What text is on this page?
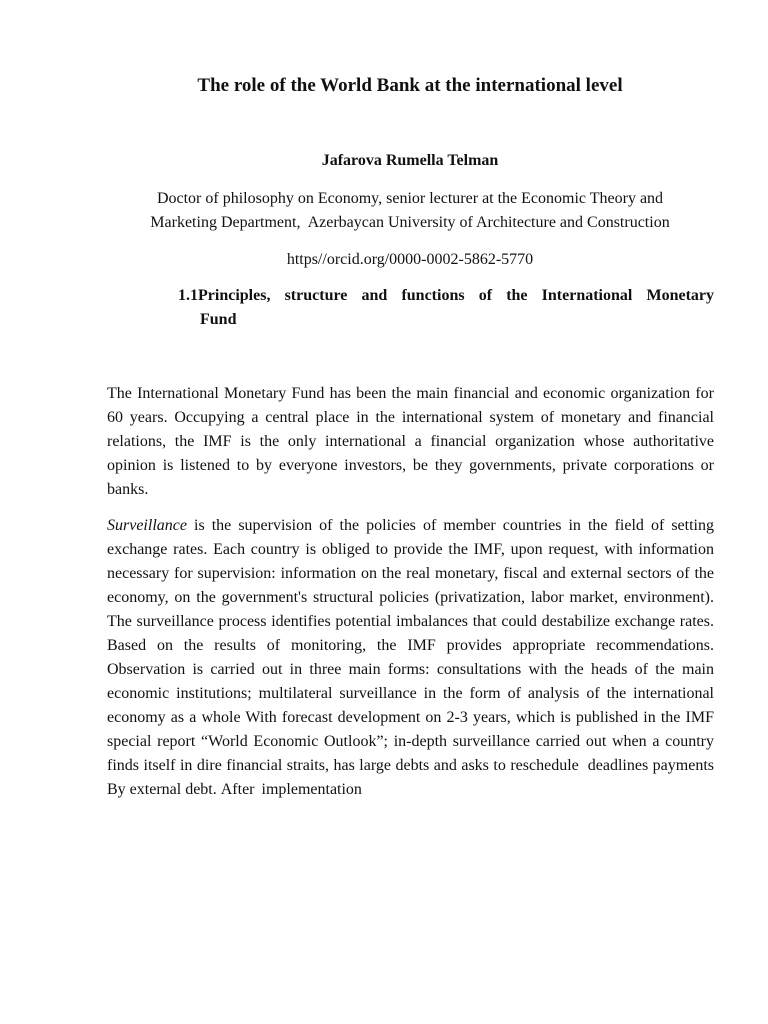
The role of the World Bank at the international level
Jafarova Rumella Telman
Doctor of philosophy on Economy, senior lecturer at the Economic Theory and
Marketing Department,  Azerbaycan University of Architecture and Construction
https//orcid.org/0000-0002-5862-5770
1.1Principles, structure and functions of the International Monetary
Fund
The International Monetary Fund has been the main financial and economic organization for 60 years. Occupying a central place in the international system of monetary and financial relations, the IMF is the only international a financial organization whose authoritative opinion is listened to by everyone investors, be they governments, private corporations or banks.
Surveillance is the supervision of the policies of member countries in the field of setting exchange rates. Each country is obliged to provide the IMF, upon request, with information necessary for supervision: information on the real monetary, fiscal and external sectors of the economy, on the government's structural policies (privatization, labor market, environment). The surveillance process identifies potential imbalances that could destabilize exchange rates. Based on the results of monitoring, the IMF provides appropriate recommendations. Observation is carried out in three main forms: consultations with the heads of the main economic institutions; multilateral surveillance in the form of analysis of the international economy as a whole With forecast development on 2-3 years, which is published in the IMF special report “World Economic Outlook”; in-depth surveillance carried out when a country finds itself in dire financial straits, has large debts and asks to reschedule  deadlines payments By external debt. After implementation
